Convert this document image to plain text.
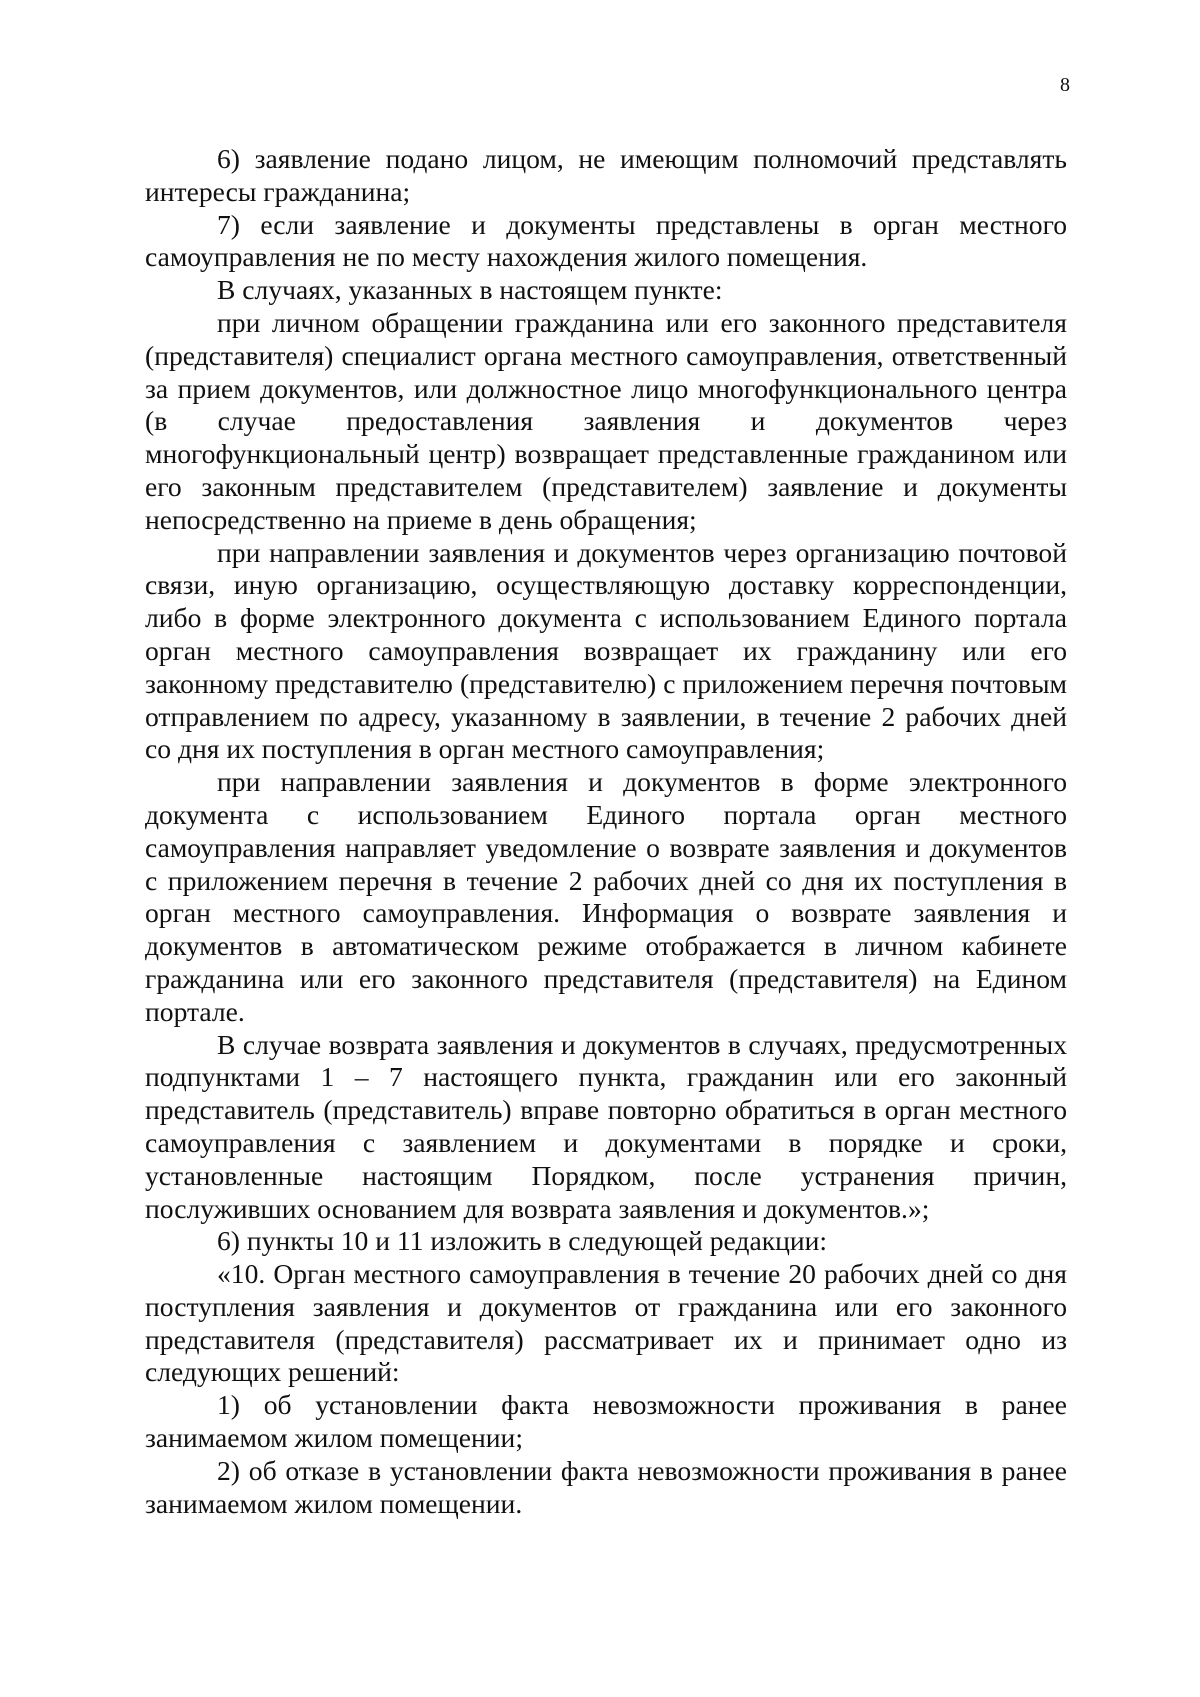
8

6) заявление подано лицом, не имеющим полномочий представлять интересы гражданина;

7) если заявление и документы представлены в орган местного самоуправления не по месту нахождения жилого помещения.

В случаях, указанных в настоящем пункте:

при личном обращении гражданина или его законного представителя (представителя) специалист органа местного самоуправления, ответственный за прием документов, или должностное лицо многофункционального центра (в случае предоставления заявления и документов через многофункциональный центр) возвращает представленные гражданином или его законным представителем (представителем) заявление и документы непосредственно на приеме в день обращения;

при направлении заявления и документов через организацию почтовой связи, иную организацию, осуществляющую доставку корреспонденции, либо в форме электронного документа с использованием Единого портала орган местного самоуправления возвращает их гражданину или его законному представителю (представителю) с приложением перечня почтовым отправлением по адресу, указанному в заявлении, в течение 2 рабочих дней со дня их поступления в орган местного самоуправления;

при направлении заявления и документов в форме электронного документа с использованием Единого портала орган местного самоуправления направляет уведомление о возврате заявления и документов с приложением перечня в течение 2 рабочих дней со дня их поступления в орган местного самоуправления. Информация о возврате заявления и документов в автоматическом режиме отображается в личном кабинете гражданина или его законного представителя (представителя) на Едином портале.

В случае возврата заявления и документов в случаях, предусмотренных подпунктами 1 – 7 настоящего пункта, гражданин или его законный представитель (представитель) вправе повторно обратиться в орган местного самоуправления с заявлением и документами в порядке и сроки, установленные настоящим Порядком, после устранения причин, послуживших основанием для возврата заявления и документов.»;

6) пункты 10 и 11 изложить в следующей редакции:

«10. Орган местного самоуправления в течение 20 рабочих дней со дня поступления заявления и документов от гражданина или его законного представителя (представителя) рассматривает их и принимает одно из следующих решений:

1) об установлении факта невозможности проживания в ранее занимаемом жилом помещении;

2) об отказе в установлении факта невозможности проживания в ранее занимаемом жилом помещении.
